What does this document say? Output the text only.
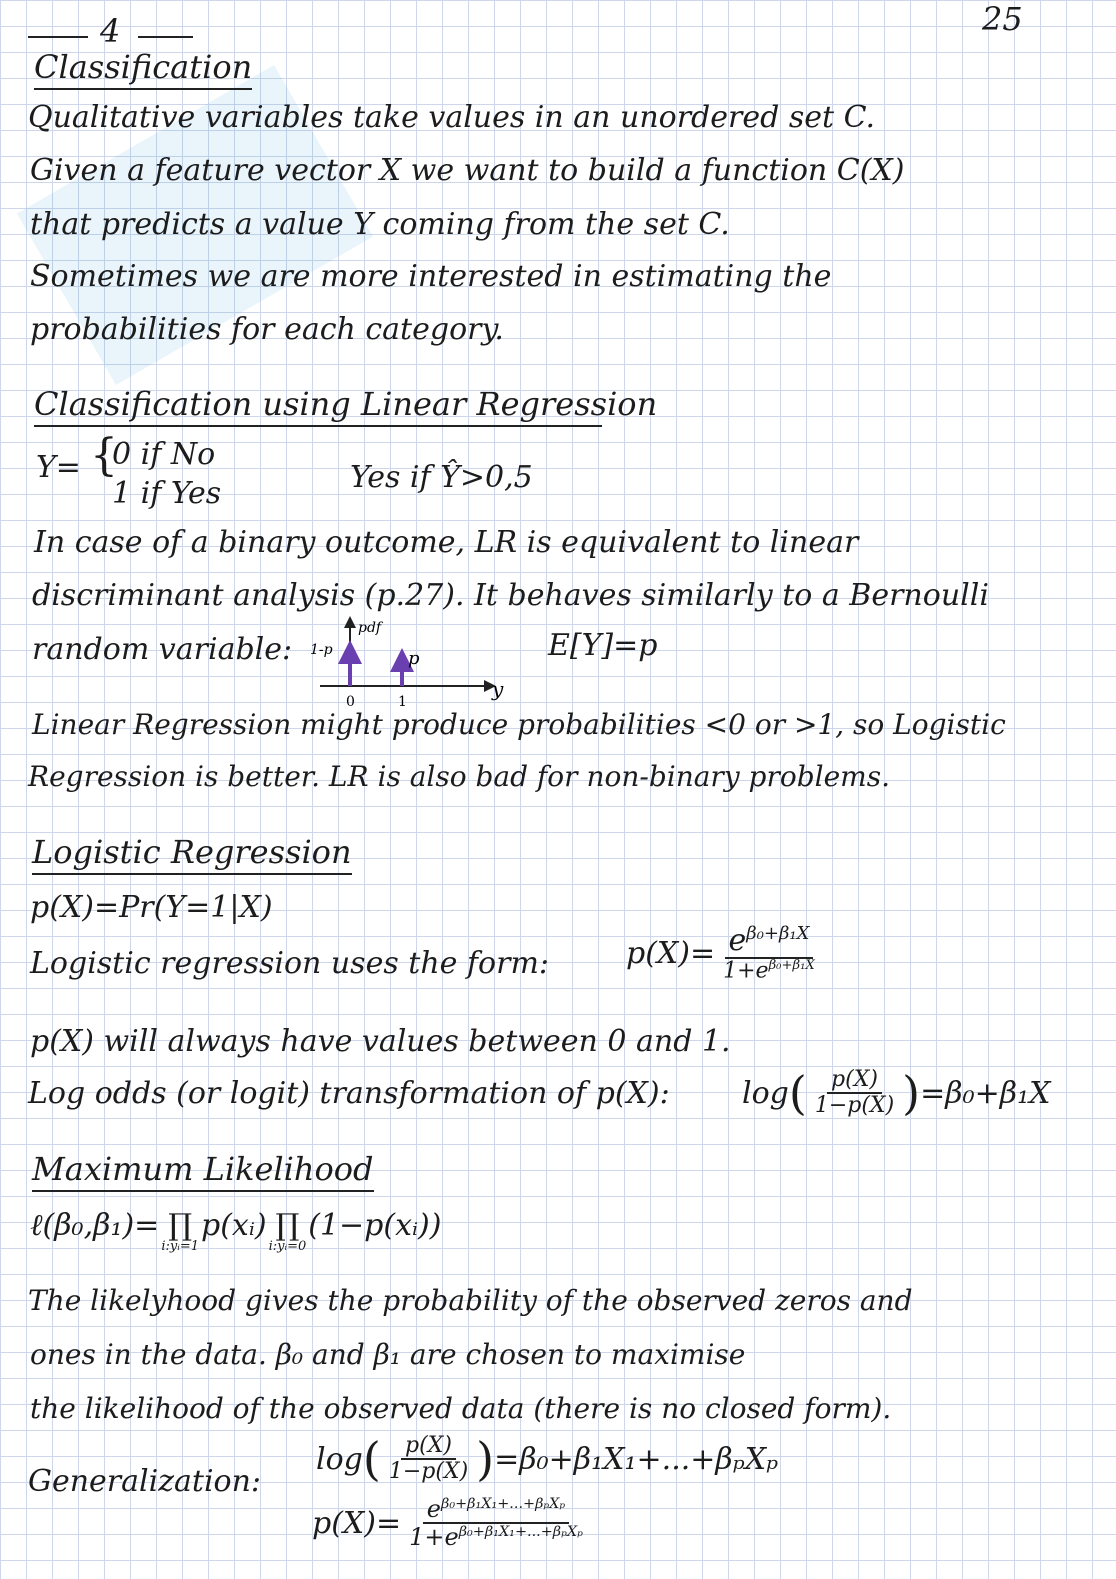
4	25
Classification
Qualitative variables take values in an unordered set C.
Given a feature vector X we want to build a function C(X)
that predicts a value Y coming from the set C.
Sometimes we are more interested in estimating the
probabilities for each category.
Classification using Linear Regression
Y= {
0 if No
1 if Yes	Yes if Ŷ>0,5
In case of a binary outcome, LR is equivalent to linear
discriminant analysis (p.27). It behaves similarly to a Bernoulli
random variable:
pdf
1-p	p
0	1
y
E[Y]=p
Linear Regression might produce probabilities <0 or >1, so Logistic
Regression is better. LR is also bad for non-binary problems.
Logistic Regression
p(X)=Pr(Y=1|X)
Logistic regression uses the form:	$p(X)= \frac{e^{\beta_0+\beta_1X}}{1+e^{\beta_0+\beta_1X}}$
p(X) will always have values between 0 and 1.
Log odds (or logit) transformation of p(X): log ( $\frac{p(X)}{1-p(X)}$ ) =β₀+β₁X
Maximum Likelihood
ℓ(β₀,β₁)= ∏
i:yᵢ=1
p(xᵢ) ∏
i:yᵢ=0
(1−p(xᵢ))
The likelyhood gives the probability of the observed zeros and
ones in the data. β₀ and β₁ are chosen to maximise
the likelihood of the observed data (there is no closed form).
Generalization:
log ( $\frac{p(X)}{1-p(X)}$ ) =β₀+β₁X₁+...+βₚXₚ
$p(X)= \frac{e^{\beta_0+\beta_1X_1+...+\beta_pX_p}}{1+e^{\beta_0+\beta_1X_1+...+\beta_pX_p}}$
